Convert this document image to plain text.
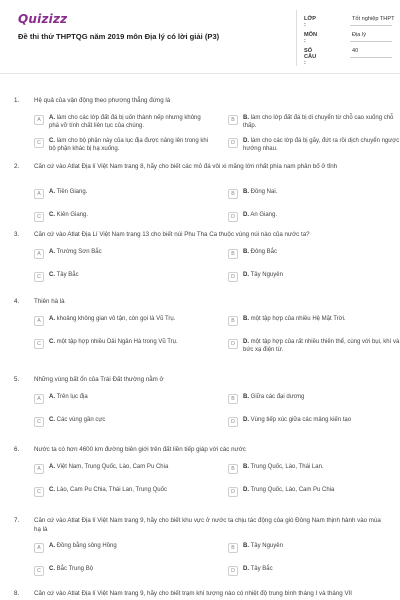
Quizizz
Đề thi thử THPTQG năm 2019 môn Địa lý có lời giải (P3)
LỚP :
Tốt nghiệp THPT
MÔN :
Địa lý
SỐ CÂU :
40
1. Hệ quả của vận động theo phương thẳng đứng là
A	A. làm cho các lớp đất đá bị uốn thành nếp nhưng không phá vỡ tính chất liên tục của chúng.
B	B. làm cho lớp đất đá bị di chuyển từ chỗ cao xuống chỗ thấp.
C	C. làm cho bộ phận này của lục địa được nâng lên trong khi bộ phận khác bị hạ xuống.
D	D. làm cho các lớp đá bị gãy, đứt ra rồi dịch chuyển ngược hướng nhau.
2. Căn cứ vào Atlat Địa lí Việt Nam trang 8, hãy cho biết các mỏ đá vôi xi măng lớn nhất phía nam phân bố ở tỉnh
A	A. Tiền Giang.	B	B. Đồng Nai.
C	C. Kiên Giang.	D	D. An Giang.
3. Căn cứ vào Atlat Địa Lí Việt Nam trang 13 cho biết núi Phu Tha Ca thuộc vùng núi nào của nước ta?
A	A. Trường Sơn Bắc	B	B. Đông Bắc
C	C. Tây Bắc	D	D. Tây Nguyên
4. Thiên hà là
A	A. khoảng không gian vô tận, còn gọi là Vũ Trụ.	B	B. một tập hợp của nhiều Hệ Mặt Trời.
C	C. một tập hợp nhiều Dải Ngân Hà trong Vũ Trụ.	D	D. một tập hợp của rất nhiều thiên thể, cùng với bụi, khí và bức xạ điện từ.
5. Những vùng bất ổn của Trái Đất thường nằm ở
A	A. Trên lục địa	B	B. Giữa các đại dương
C	C. Các vùng gần cực	D	D. Vùng tiếp xúc giữa các mảng kiến tạo
6. Nước ta có hơn 4600 km đường biên giới trên đất liền tiếp giáp với các nước
A	A. Việt Nam, Trung Quốc, Lào, Cam Pu Chia	B	B. Trung Quốc, Lào, Thái Lan.
C	C. Lào, Cam Pu Chia, Thái Lan, Trung Quốc	D	D. Trung Quốc, Lào, Cam Pu Chia
7. Căn cứ vào Atlat Địa lí Việt Nam trang 9, hãy cho biết khu vực ở nước ta chịu tác động của gió Đông Nam thịnh hành vào mùa hạ là
A	A. Đồng bằng sông Hồng	B	B. Tây Nguyên
C	C. Bắc Trung Bộ	D	D. Tây Bắc
8. Căn cứ vào Atlat Địa lí Việt Nam trang 9, hãy cho biết trạm khí tượng nào có nhiệt độ trung bình tháng I và tháng VII
